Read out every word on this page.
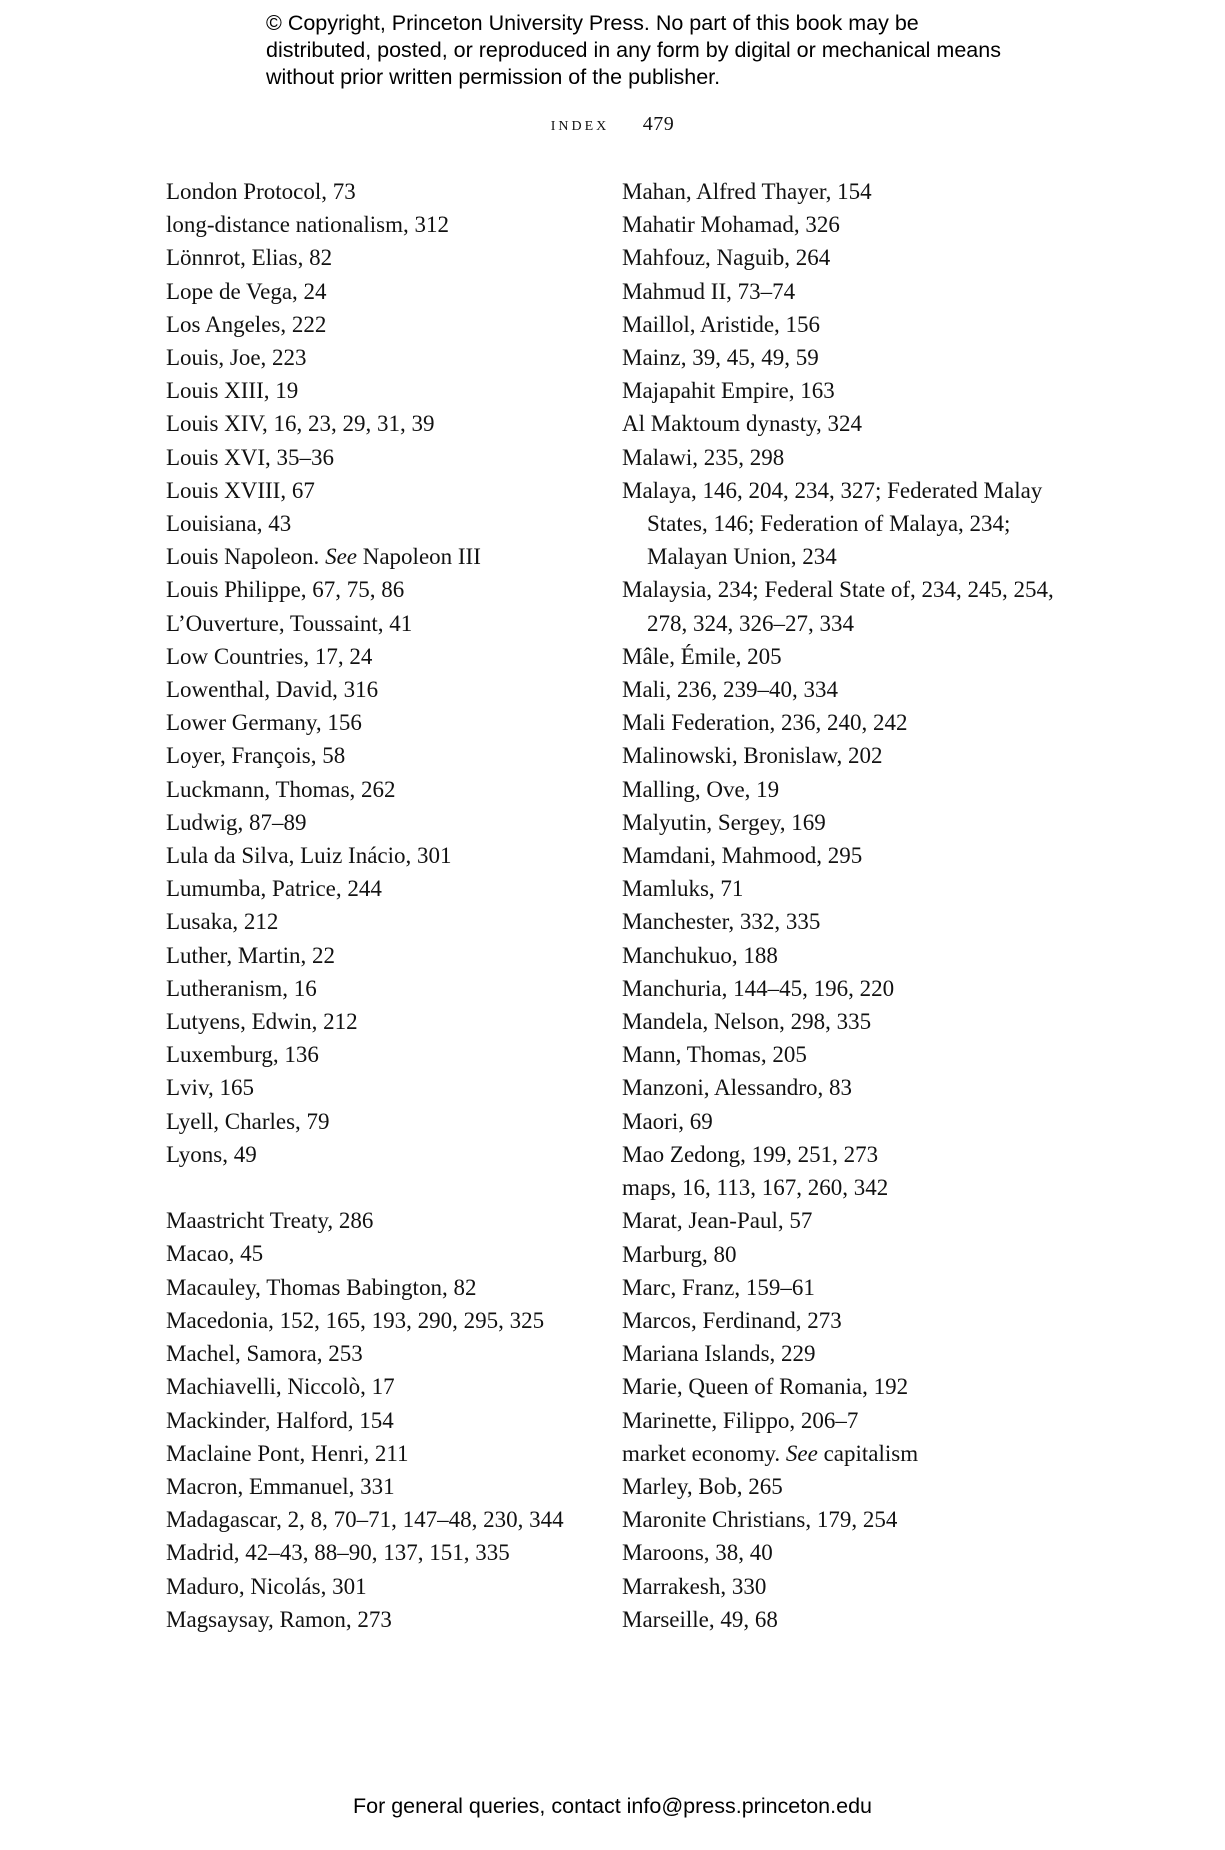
© Copyright, Princeton University Press. No part of this book may be distributed, posted, or reproduced in any form by digital or mechanical means without prior written permission of the publisher.
index 479
London Protocol, 73
long-distance nationalism, 312
Lönnrot, Elias, 82
Lope de Vega, 24
Los Angeles, 222
Louis, Joe, 223
Louis XIII, 19
Louis XIV, 16, 23, 29, 31, 39
Louis XVI, 35–36
Louis XVIII, 67
Louisiana, 43
Louis Napoleon. See Napoleon III
Louis Philippe, 67, 75, 86
L’Ouverture, Toussaint, 41
Low Countries, 17, 24
Lowenthal, David, 316
Lower Germany, 156
Loyer, François, 58
Luckmann, Thomas, 262
Ludwig, 87–89
Lula da Silva, Luiz Inácio, 301
Lumumba, Patrice, 244
Lusaka, 212
Luther, Martin, 22
Lutheranism, 16
Lutyens, Edwin, 212
Luxemburg, 136
Lviv, 165
Lyell, Charles, 79
Lyons, 49
Maastricht Treaty, 286
Macao, 45
Macauley, Thomas Babington, 82
Macedonia, 152, 165, 193, 290, 295, 325
Machel, Samora, 253
Machiavelli, Niccolò, 17
Mackinder, Halford, 154
Maclaine Pont, Henri, 211
Macron, Emmanuel, 331
Madagascar, 2, 8, 70–71, 147–48, 230, 344
Madrid, 42–43, 88–90, 137, 151, 335
Maduro, Nicolás, 301
Magsaysay, Ramon, 273
Mahan, Alfred Thayer, 154
Mahatir Mohamad, 326
Mahfouz, Naguib, 264
Mahmud II, 73–74
Maillol, Aristide, 156
Mainz, 39, 45, 49, 59
Majapahit Empire, 163
Al Maktoum dynasty, 324
Malawi, 235, 298
Malaya, 146, 204, 234, 327; Federated Malay States, 146; Federation of Malaya, 234; Malayan Union, 234
Malaysia, 234; Federal State of, 234, 245, 254, 278, 324, 326–27, 334
Mâle, Émile, 205
Mali, 236, 239–40, 334
Mali Federation, 236, 240, 242
Malinowski, Bronislaw, 202
Malling, Ove, 19
Malyutin, Sergey, 169
Mamdani, Mahmood, 295
Mamluks, 71
Manchester, 332, 335
Manchukuo, 188
Manchuria, 144–45, 196, 220
Mandela, Nelson, 298, 335
Mann, Thomas, 205
Manzoni, Alessandro, 83
Maori, 69
Mao Zedong, 199, 251, 273
maps, 16, 113, 167, 260, 342
Marat, Jean-Paul, 57
Marburg, 80
Marc, Franz, 159–61
Marcos, Ferdinand, 273
Mariana Islands, 229
Marie, Queen of Romania, 192
Marinette, Filippo, 206–7
market economy. See capitalism
Marley, Bob, 265
Maronite Christians, 179, 254
Maroons, 38, 40
Marrakesh, 330
Marseille, 49, 68
For general queries, contact info@press.princeton.edu
